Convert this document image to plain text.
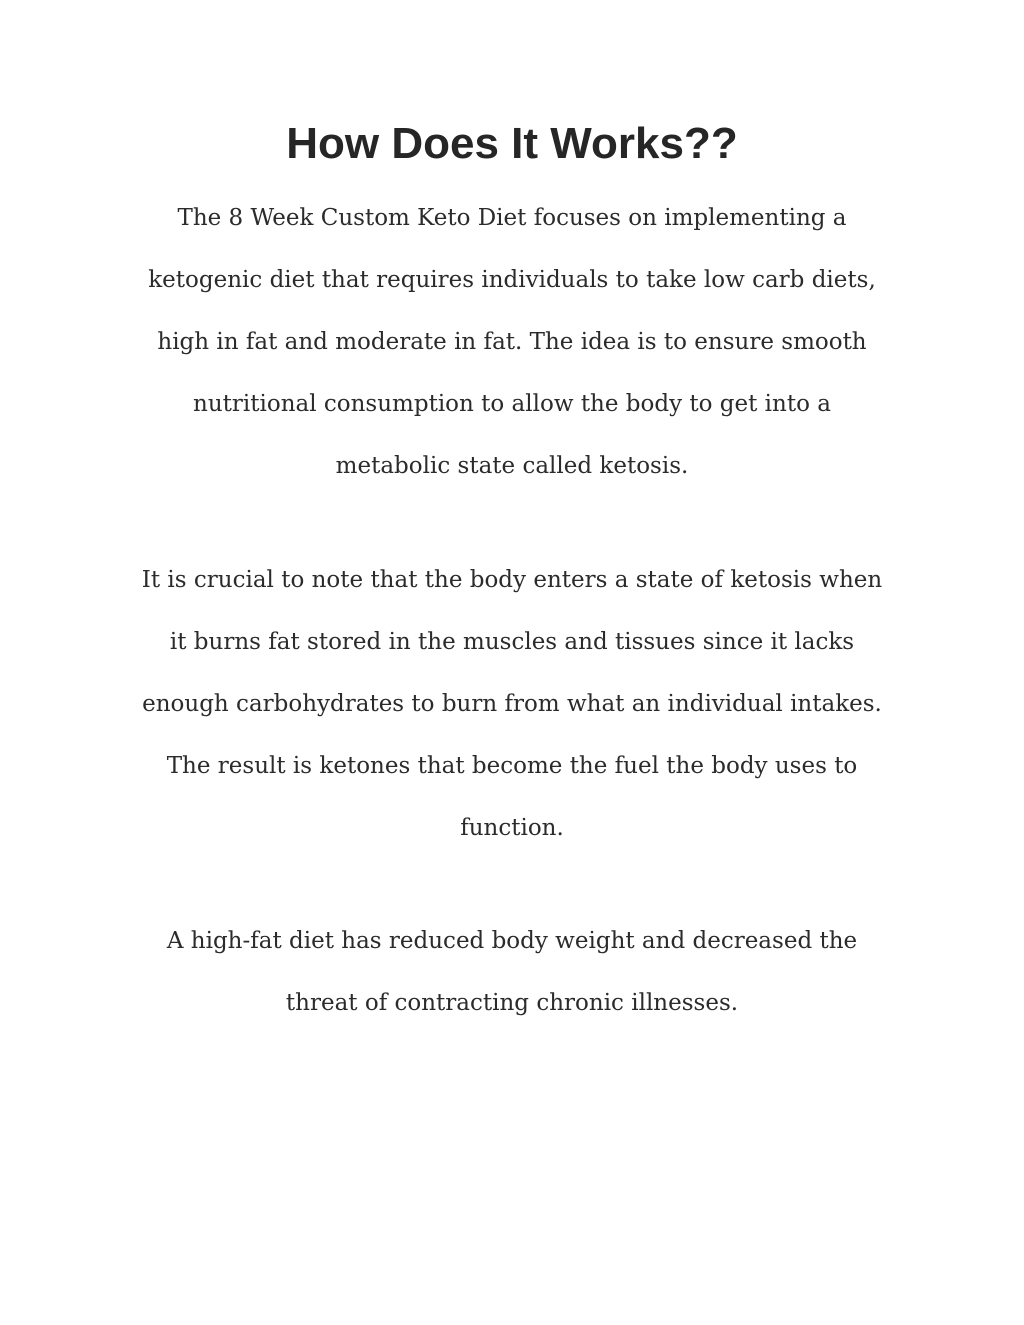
How Does It Works??

The 8 Week Custom Keto Diet focuses on implementing a
ketogenic diet that requires individuals to take low carb diets,
high in fat and moderate in fat. The idea is to ensure smooth
nutritional consumption to allow the body to get into a
metabolic state called ketosis.

It is crucial to note that the body enters a state of ketosis when
it burns fat stored in the muscles and tissues since it lacks
enough carbohydrates to burn from what an individual intakes.
The result is ketones that become the fuel the body uses to
function.

A high-fat diet has reduced body weight and decreased the
threat of contracting chronic illnesses.
